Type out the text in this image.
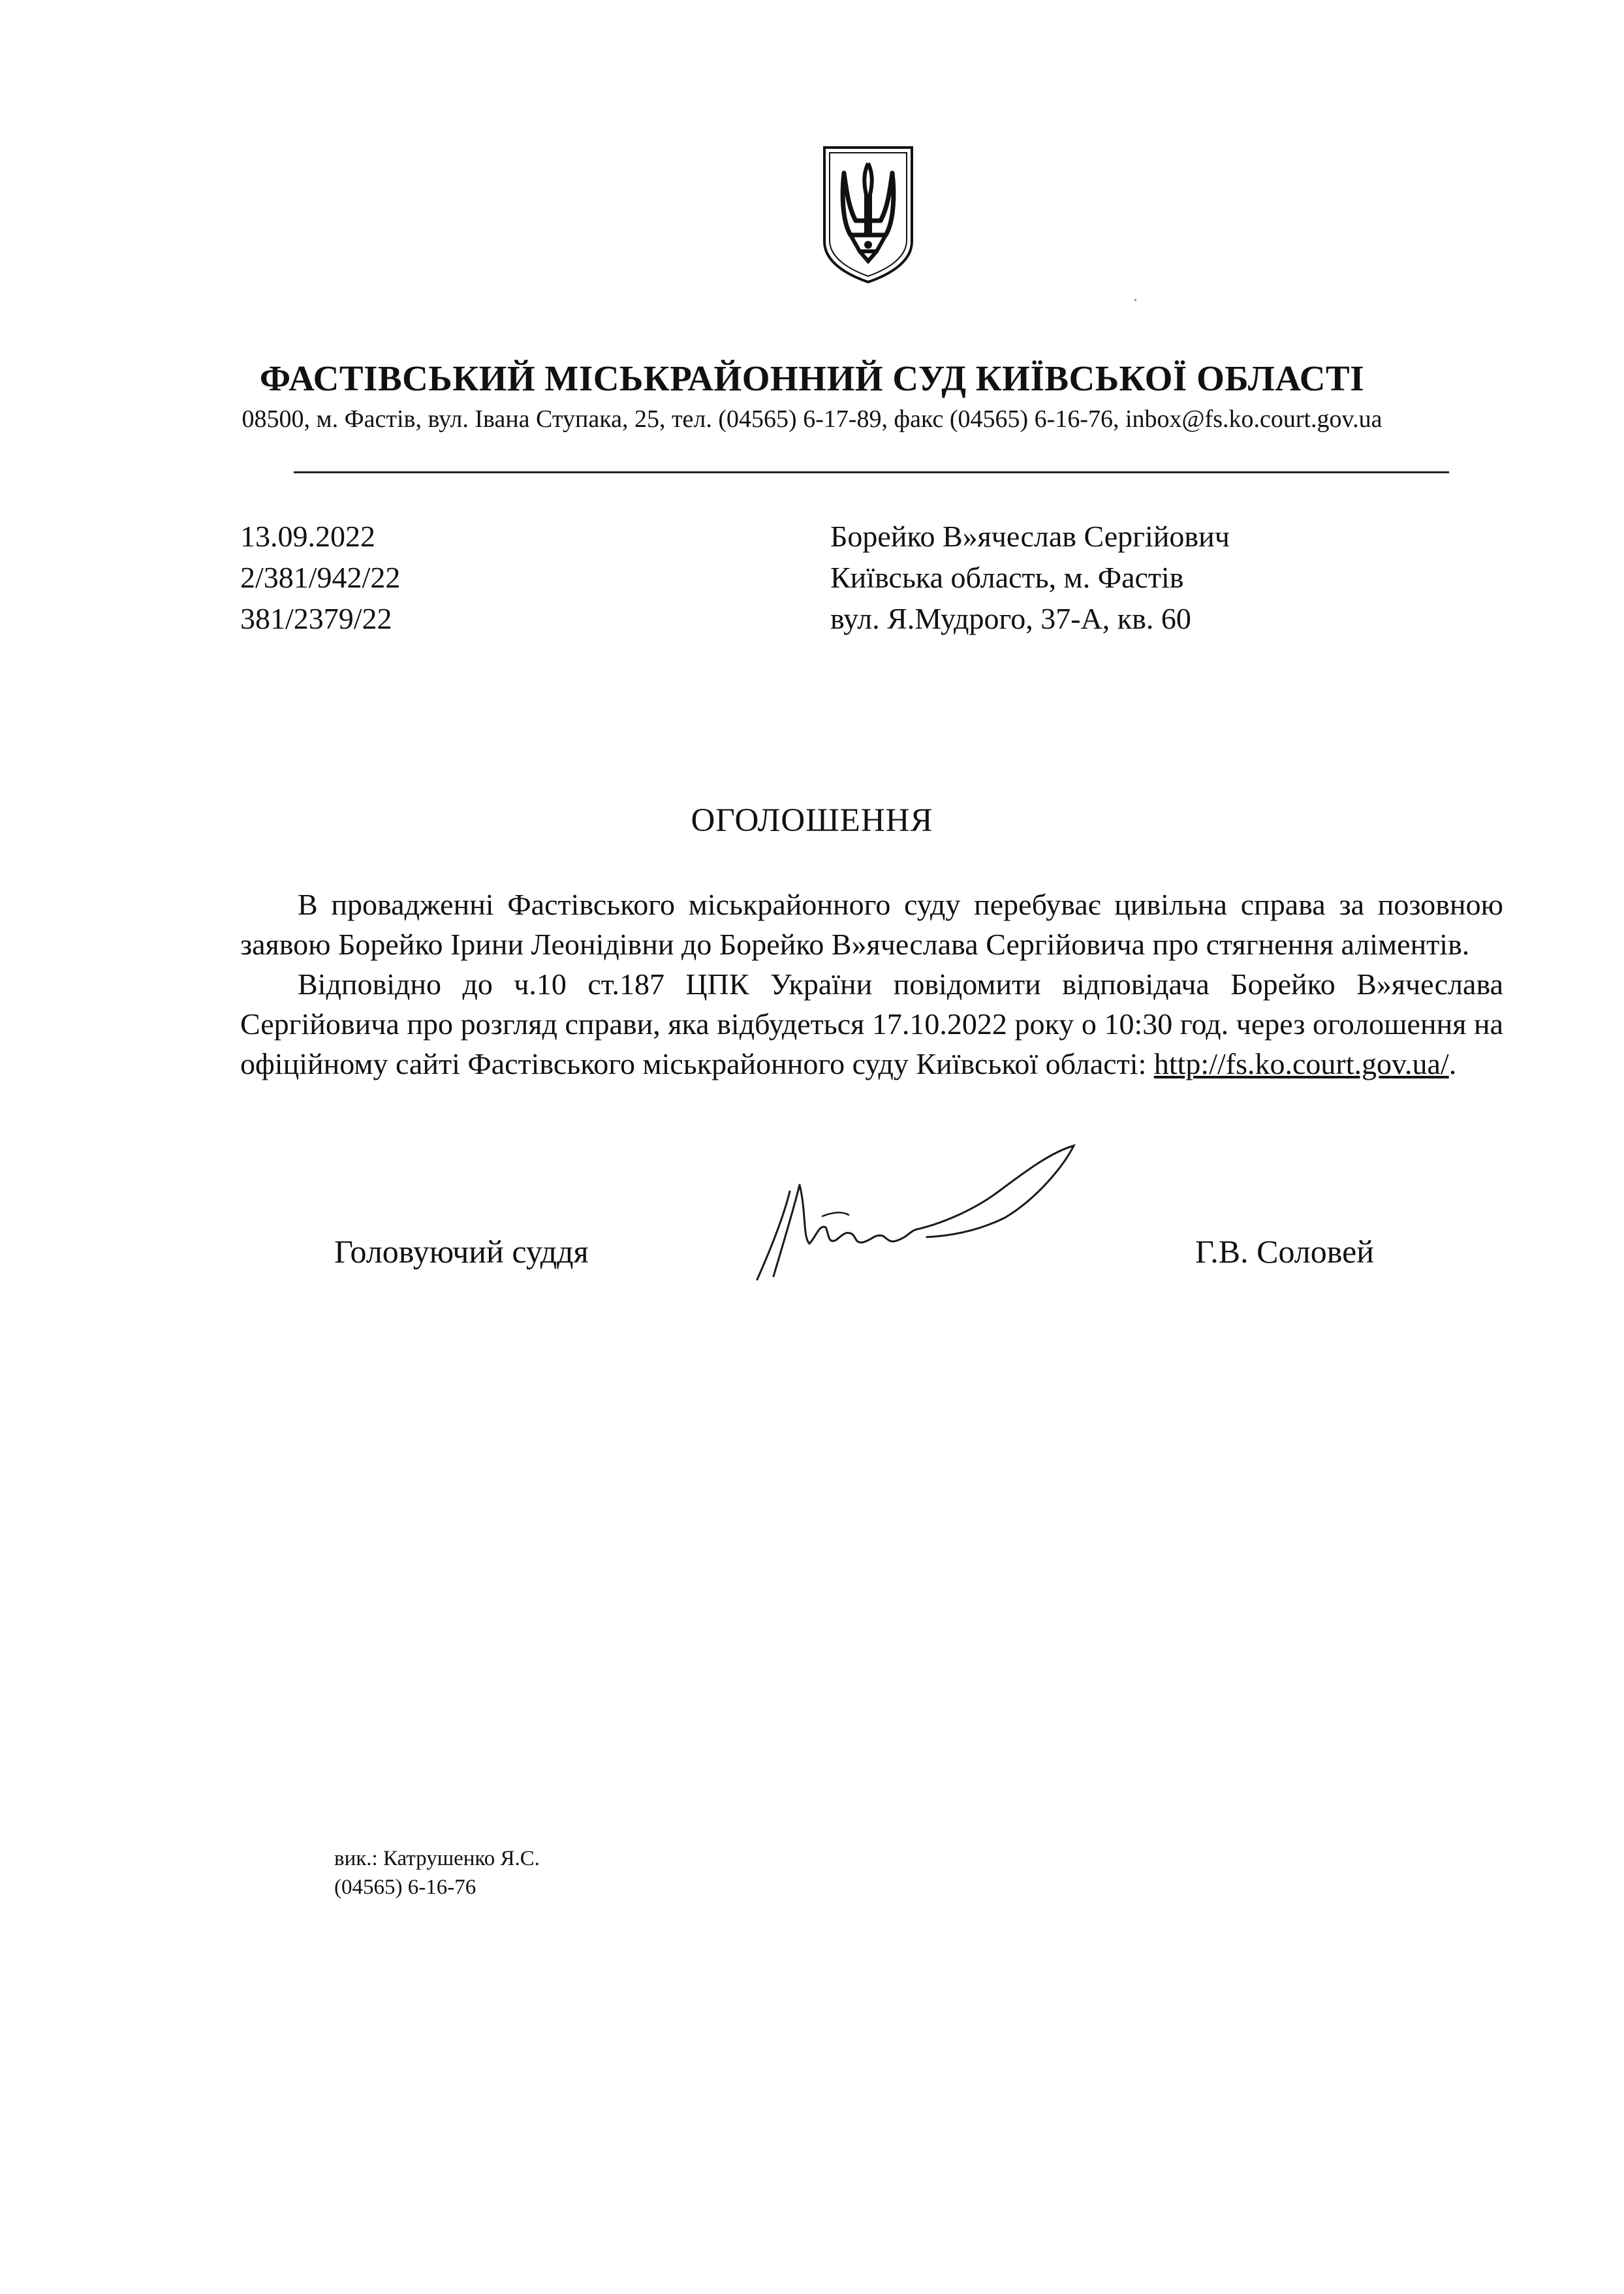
ФАСТІВСЬКИЙ МІСЬКРАЙОННИЙ СУД КИЇВСЬКОЇ ОБЛАСТІ
08500, м. Фастів, вул. Івана Ступака, 25, тел. (04565) 6-17-89, факс (04565) 6-16-76, inbox@fs.ko.court.gov.ua
13.09.2022
2/381/942/22
381/2379/22
Борейко В»ячеслав Сергійович
Київська область, м. Фастів
вул. Я.Мудрого, 37-А, кв. 60
ОГОЛОШЕННЯ

В провадженні Фастівського міськрайонного суду перебуває цивільна справа за позовною заявою Борейко Ірини Леонідівни до Борейко В»ячеслава Сергійовича про стягнення аліментів.

Відповідно до ч.10 ст.187 ЦПК України повідомити відповідача Борейко В»ячеслава Сергійовича про розгляд справи, яка відбудеться 17.10.2022 року о 10:30 год. через оголошення на офіційному сайті Фастівського міськрайонного суду Київської області: http://fs.ko.court.gov.ua/.

Головуючий суддя	Г.В. Соловей
вик.: Катрушенко Я.С.
(04565) 6-16-76
